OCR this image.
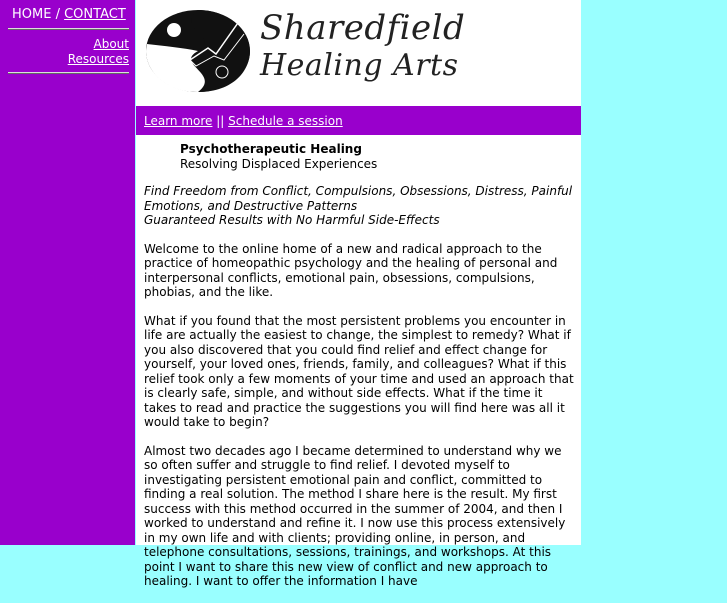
HOME / CONTACT
About
Resources
Sharedfield
Healing Arts
Learn more || Schedule a session
Psychotherapeutic Healing
Resolving Displaced Experiences
Find Freedom from Conflict, Compulsions, Obsessions, Distress, Painful Emotions, and Destructive Patterns
Guaranteed Results with No Harmful Side-Effects

Welcome to the online home of a new and radical approach to the practice of homeopathic psychology and the healing of personal and interpersonal conflicts, emotional pain, obsessions, compulsions, phobias, and the like.

What if you found that the most persistent problems you encounter in life are actually the easiest to change, the simplest to remedy? What if you also discovered that you could find relief and effect change for yourself, your loved ones, friends, family, and colleagues? What if this relief took only a few moments of your time and used an approach that is clearly safe, simple, and without side effects. What if the time it takes to read and practice the suggestions you will find here was all it would take to begin?

Almost two decades ago I became determined to understand why we so often suffer and struggle to find relief. I devoted myself to investigating persistent emotional pain and conflict, committed to finding a real solution. The method I share here is the result. My first success with this method occurred in the summer of 2004, and then I worked to understand and refine it. I now use this process extensively in my own life and with clients; providing online, in person, and telephone consultations, sessions, trainings, and workshops. At this point I want to share this new view of conflict and new approach to healing. I want to offer the information I have
